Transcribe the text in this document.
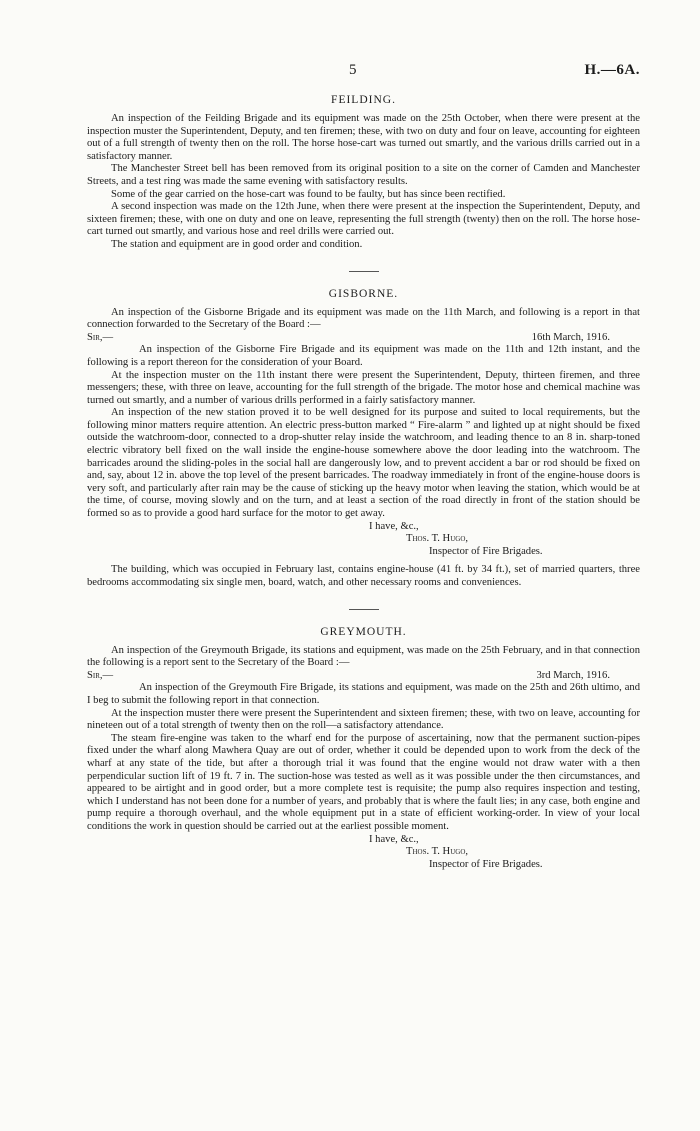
5	H.—6A.
FEILDING.

An inspection of the Feilding Brigade and its equipment was made on the 25th October, when there were present at the inspection muster the Superintendent, Deputy, and ten firemen; these, with two on duty and four on leave, accounting for eighteen out of a full strength of twenty then on the roll. The horse hose-cart was turned out smartly, and the various drills carried out in a satisfactory manner.

The Manchester Street bell has been removed from its original position to a site on the corner of Camden and Manchester Streets, and a test ring was made the same evening with satisfactory results.

Some of the gear carried on the hose-cart was found to be faulty, but has since been rectified.

A second inspection was made on the 12th June, when there were present at the inspection the Superintendent, Deputy, and sixteen firemen; these, with one on duty and one on leave, representing the full strength (twenty) then on the roll. The horse hose-cart turned out smartly, and various hose and reel drills were carried out.

The station and equipment are in good order and condition.

GISBORNE.

An inspection of the Gisborne Brigade and its equipment was made on the 11th March, and following is a report in that connection forwarded to the Secretary of the Board :—

Sir,—	16th March, 1916.

An inspection of the Gisborne Fire Brigade and its equipment was made on the 11th and 12th instant, and the following is a report thereon for the consideration of your Board.

At the inspection muster on the 11th instant there were present the Superintendent, Deputy, thirteen firemen, and three messengers; these, with three on leave, accounting for the full strength of the brigade. The motor hose and chemical machine was turned out smartly, and a number of various drills performed in a fairly satisfactory manner.

An inspection of the new station proved it to be well designed for its purpose and suited to local requirements, but the following minor matters require attention. An electric press-button marked “ Fire-alarm ” and lighted up at night should be fixed outside the watchroom-door, connected to a drop-shutter relay inside the watchroom, and leading thence to an 8 in. sharp-toned electric vibratory bell fixed on the wall inside the engine-house somewhere above the door leading into the watchroom. The barricades around the sliding-poles in the social hall are dangerously low, and to prevent accident a bar or rod should be fixed on and, say, about 12 in. above the top level of the present barricades. The roadway immediately in front of the engine-house doors is very soft, and particularly after rain may be the cause of sticking up the heavy motor when leaving the station, which would be at the time, of course, moving slowly and on the turn, and at least a section of the road directly in front of the station should be formed so as to provide a good hard surface for the motor to get away.

I have, &c.,
Thos. T. Hugo,
Inspector of Fire Brigades.

The building, which was occupied in February last, contains engine-house (41 ft. by 34 ft.), set of married quarters, three bedrooms accommodating six single men, board, watch, and other necessary rooms and conveniences.

GREYMOUTH.

An inspection of the Greymouth Brigade, its stations and equipment, was made on the 25th February, and in that connection the following is a report sent to the Secretary of the Board :—

Sir,—	3rd March, 1916.

An inspection of the Greymouth Fire Brigade, its stations and equipment, was made on the 25th and 26th ultimo, and I beg to submit the following report in that connection.

At the inspection muster there were present the Superintendent and sixteen firemen; these, with two on leave, accounting for nineteen out of a total strength of twenty then on the roll—a satisfactory attendance.

The steam fire-engine was taken to the wharf end for the purpose of ascertaining, now that the permanent suction-pipes fixed under the wharf along Mawhera Quay are out of order, whether it could be depended upon to work from the deck of the wharf at any state of the tide, but after a thorough trial it was found that the engine would not draw water with a then perpendicular suction lift of 19 ft. 7 in. The suction-hose was tested as well as it was possible under the then circumstances, and appeared to be airtight and in good order, but a more complete test is requisite; the pump also requires inspection and testing, which I understand has not been done for a number of years, and probably that is where the fault lies; in any case, both engine and pump require a thorough overhaul, and the whole equipment put in a state of efficient working-order. In view of your local conditions the work in question should be carried out at the earliest possible moment.

I have, &c.,
Thos. T. Hugo,
Inspector of Fire Brigades.
